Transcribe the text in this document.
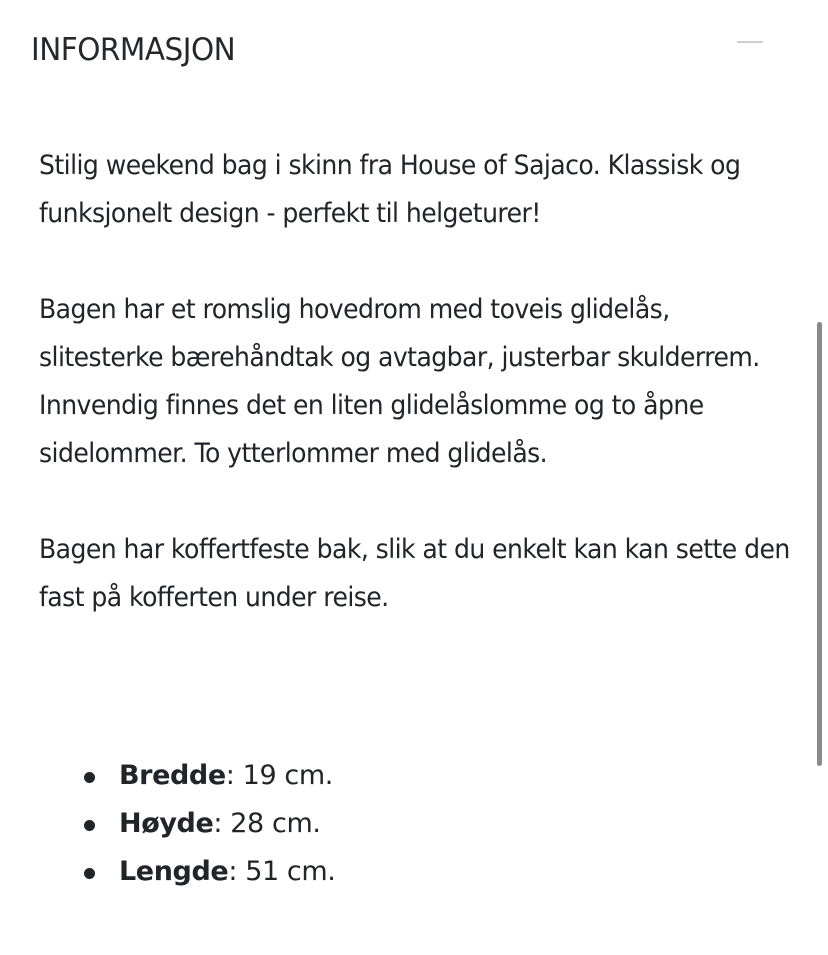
INFORMASJON

Stilig weekend bag i skinn fra House of Sajaco. Klassisk og funksjonelt design - perfekt til helgeturer!

Bagen har et romslig hovedrom med toveis glidelås, slitesterke bærehåndtak og avtagbar, justerbar skulderrem. Innvendig finnes det en liten glidelåslomme og to åpne sidelommer. To ytterlommer med glidelås.

Bagen har koffertfeste bak, slik at du enkelt kan kan sette den fast på kofferten under reise.

Bredde: 19 cm.
Høyde: 28 cm.
Lengde: 51 cm.
